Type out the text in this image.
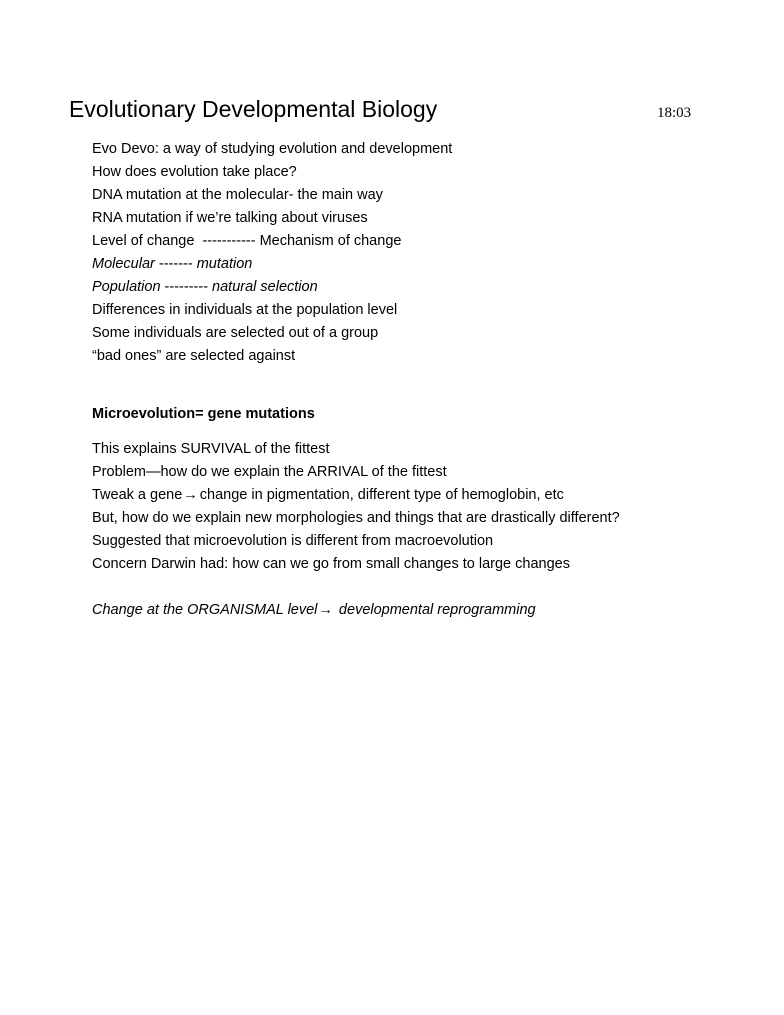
Evolutionary Developmental Biology	18:03
Evo Devo: a way of studying evolution and development
How does evolution take place?
DNA mutation at the molecular- the main way
RNA mutation if we’re talking about viruses
Level of change  ----------- Mechanism of change
Molecular ------- mutation
Population --------- natural selection
Differences in individuals at the population level
Some individuals are selected out of a group
“bad ones” are selected against
Microevolution= gene mutations
This explains SURVIVAL of the fittest
Problem—how do we explain the ARRIVAL of the fittest
Tweak a gene→ change in pigmentation, different type of hemoglobin, etc
But, how do we explain new morphologies and things that are drastically different?
Suggested that microevolution is different from macroevolution
Concern Darwin had: how can we go from small changes to large changes
Change at the ORGANISMAL level→ developmental reprogramming
